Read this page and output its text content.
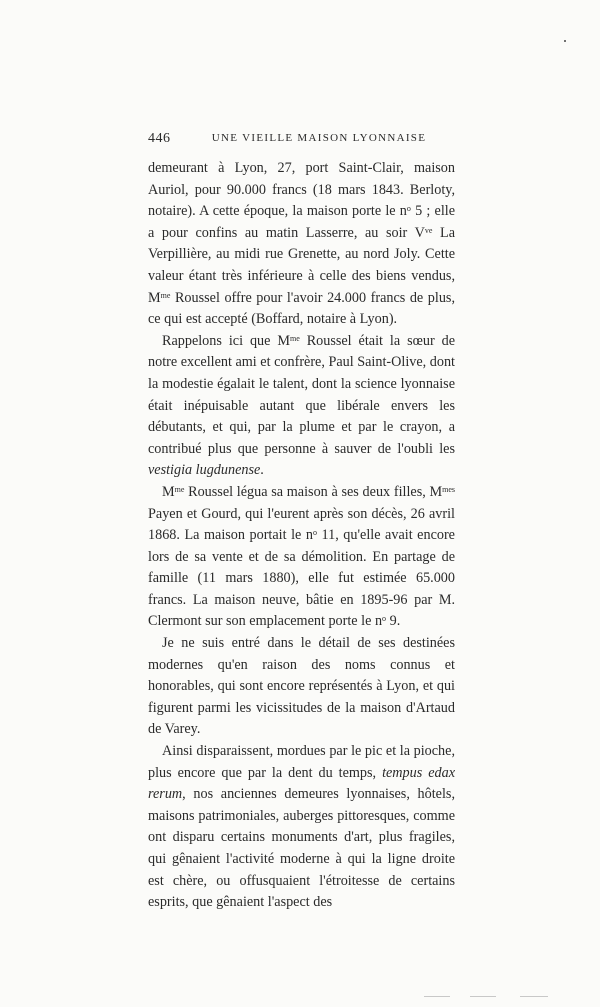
446	UNE VIEILLE MAISON LYONNAISE

demeurant à Lyon, 27, port Saint-Clair, maison Auriol, pour 90.000 francs (18 mars 1843. Berloty, notaire). A cette époque, la maison porte le $n^o$ 5 ; elle a pour confins au matin Lasserre, au soir $V^{ve}$ La Verpillière, au midi rue Grenette, au nord Joly. Cette valeur étant très inférieure à celle des biens vendus, $M^{me}$ Roussel offre pour l'avoir 24.000 francs de plus, ce qui est accepté (Boffard, notaire à Lyon).

Rappelons ici que $M^{me}$ Roussel était la sœur de notre excellent ami et confrère, Paul Saint-Olive, dont la modestie égalait le talent, dont la science lyonnaise était inépuisable autant que libérale envers les débutants, et qui, par la plume et par le crayon, a contribué plus que personne à sauver de l'oubli les vestigia lugdunense.

$M^{me}$ Roussel légua sa maison à ses deux filles, $M^{mes}$ Payen et Gourd, qui l'eurent après son décès, 26 avril 1868. La maison portait le $n^o$ 11, qu'elle avait encore lors de sa vente et de sa démolition. En partage de famille (11 mars 1880), elle fut estimée 65.000 francs. La maison neuve, bâtie en 1895-96 par M. Clermont sur son emplacement porte le $n^o$ 9.

Je ne suis entré dans le détail de ses destinées modernes qu'en raison des noms connus et honorables, qui sont encore représentés à Lyon, et qui figurent parmi les vicissitudes de la maison d'Artaud de Varey.

Ainsi disparaissent, mordues par le pic et la pioche, plus encore que par la dent du temps, tempus edax rerum, nos anciennes demeures lyonnaises, hôtels, maisons patrimoniales, auberges pittoresques, comme ont disparu certains monuments d'art, plus fragiles, qui gênaient l'activité moderne à qui la ligne droite est chère, ou offusquaient l'étroitesse de certains esprits, que gênaient l'aspect des
